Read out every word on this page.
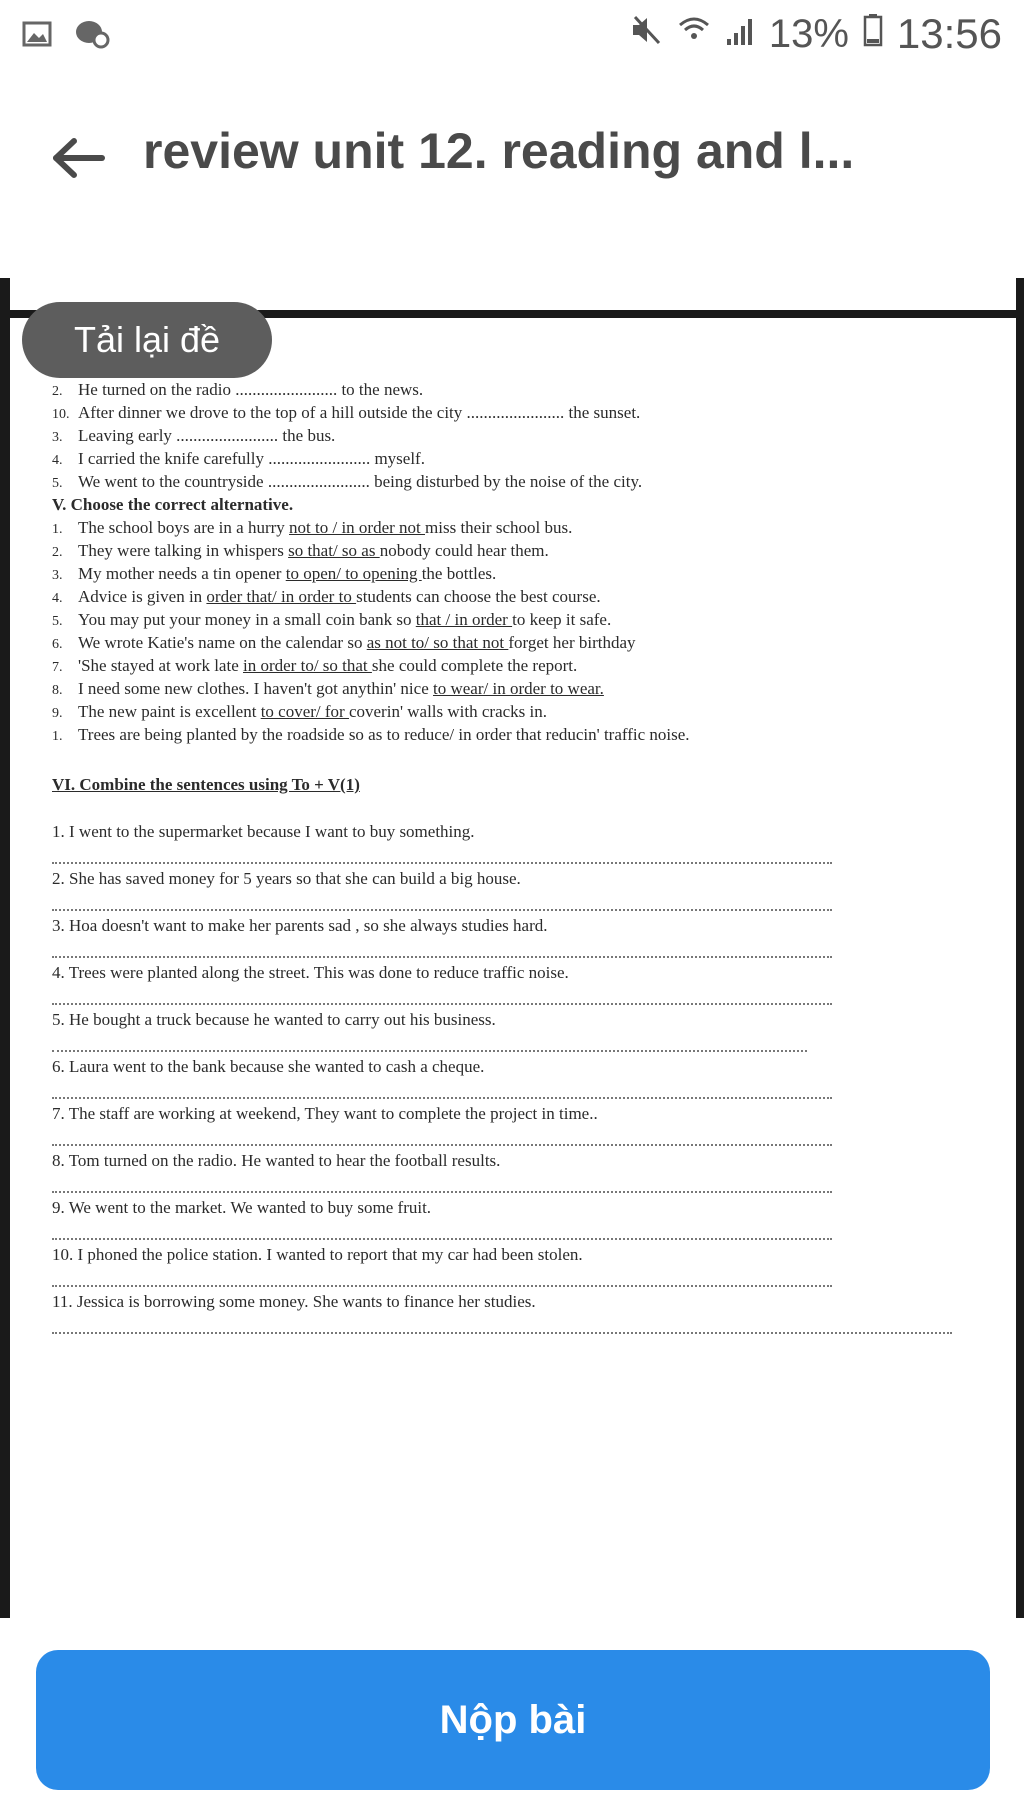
13% 13:56
review unit 12. reading and l...
2. He turned on the radio ........................ to the news.
10. After dinner we drove to the top of a hill outside the city ....................... the sunset.
3. Leaving early ........................ the bus.
4. I carried the knife carefully ........................ myself.
5. We went to the countryside ........................ being disturbed by the noise of the city.
V. Choose the correct alternative.
1. The school boys are in a hurry not to / in order not miss their school bus.
2. They were talking in whispers so that/ so as nobody could hear them.
3. My mother needs a tin opener to open/ to opening the bottles.
4. Advice is given in order that/ in order to students can choose the best course.
5. You may put your money in a small coin bank so that / in order to keep it safe.
6. We wrote Katie's name on the calendar so as not to/ so that not forget her birthday
7. 'She stayed at work late in order to/ so that she could complete the report.
8. I need some new clothes. I haven't got anythin' nice to wear/ in order to wear.
9. The new paint is excellent to cover/ for coverin' walls with cracks in.
1. Trees are being planted by the roadside so as to reduce/ in order that reducin' traffic noise.
VI. Combine the sentences using To + V(1)
1. I went to the supermarket because I want to buy something.
2. She has saved money for 5 years so that she can build a big house.
3. Hoa doesn't want to make her parents sad , so she always studies hard.
4. Trees were planted along the street. This was done to reduce traffic noise.
5. He bought a truck because he wanted to carry out his business.
6. Laura went to the bank because she wanted to cash a cheque.
7. The staff are working at weekend, They want to complete the project in time..
8. Tom turned on the radio. He wanted to hear the football results.
9. We went to the market. We wanted to buy some fruit.
10. I phoned the police station. I wanted to report that my car had been stolen.
11. Jessica is borrowing some money. She wants to finance her studies.
Tải lại đề
Nộp bài
